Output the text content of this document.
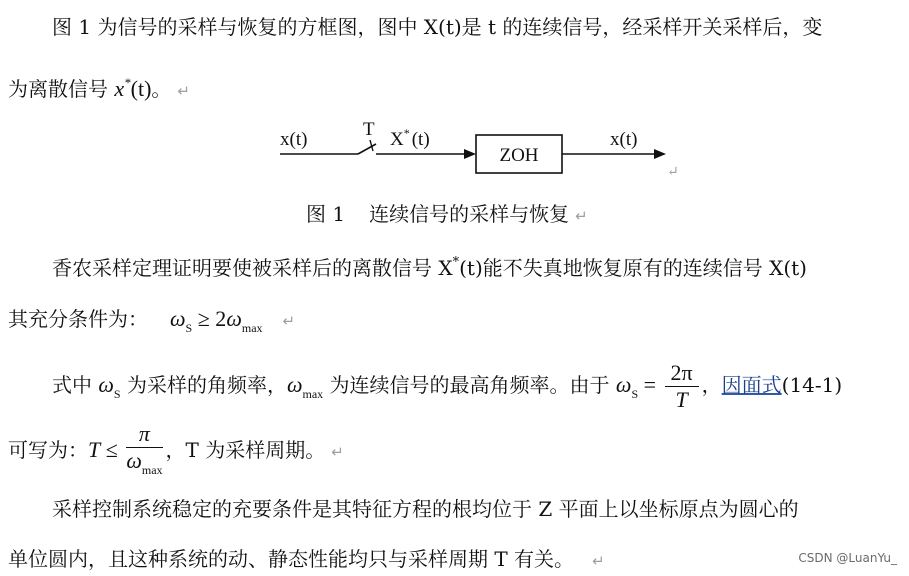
图 1 为信号的采样与恢复的方框图，图中 X(t)是 t 的连续信号，经采样开关采样后，变
为离散信号 x*(t)。 ↵
x(t)	T X* (t)
ZOH
x(t)
↵
图 1 连续信号的采样与恢复 ↵
香农采样定理证明要使被采样后的离散信号 X*(t)能不失真地恢复原有的连续信号 X(t)
其充分条件为： $\omega_S \ge 2\omega_{max}$ ↵
式中 $\omega_S$ 为采样的角频率，$\omega_{max}$ 为连续信号的最高角频率。由于 $\omega_S = \frac{2\pi}{T}$ ，因面式(14-1)
可写为：$T \le \frac{\pi}{\omega_{max}}$ ，T 为采样周期。 ↵
采样控制系统稳定的充要条件是其特征方程的根均位于 Z 平面上以坐标原点为圆心的
单位圆内，且这种系统的动、静态性能均只与采样周期 T 有关。 ↵	CSDN @LuanYu_
